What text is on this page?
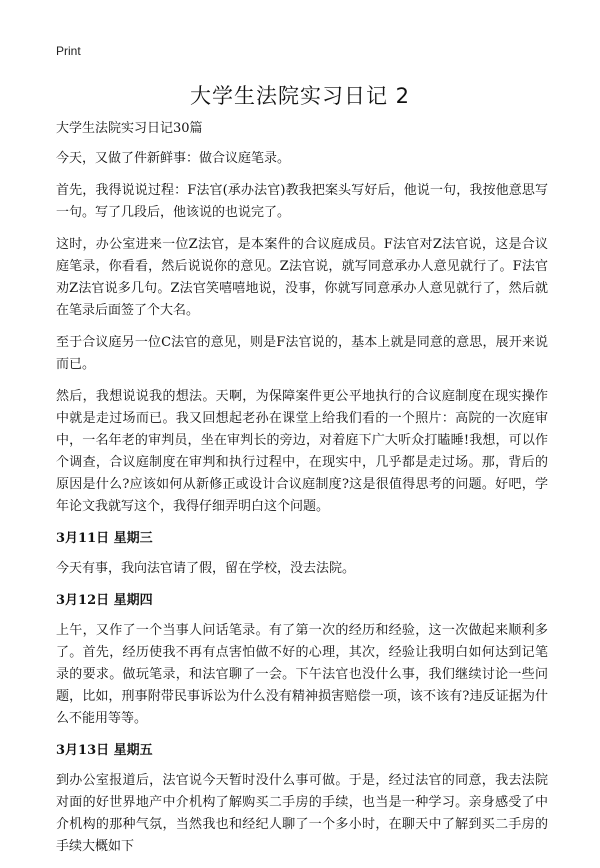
Print
大学生法院实习日记 2

大学生法院实习日记30篇

今天，又做了件新鲜事：做合议庭笔录。

首先，我得说说过程：F法官(承办法官)教我把案头写好后，他说一句，我按他意思写一句。写了几段后，他该说的也说完了。

这时，办公室进来一位Z法官，是本案件的合议庭成员。F法官对Z法官说，这是合议庭笔录，你看看，然后说说你的意见。Z法官说，就写同意承办人意见就行了。F法官劝Z法官说多几句。Z法官笑嘻嘻地说，没事，你就写同意承办人意见就行了，然后就在笔录后面签了个大名。

至于合议庭另一位C法官的意见，则是F法官说的，基本上就是同意的意思，展开来说而已。

然后，我想说说我的想法。天啊，为保障案件更公平地执行的合议庭制度在现实操作中就是走过场而已。我又回想起老孙在课堂上给我们看的一个照片：高院的一次庭审中，一名年老的审判员，坐在审判长的旁边，对着庭下广大听众打瞌睡!我想，可以作个调查，合议庭制度在审判和执行过程中，在现实中，几乎都是走过场。那，背后的原因是什么?应该如何从新修正或设计合议庭制度?这是很值得思考的问题。好吧，学年论文我就写这个，我得仔细弄明白这个问题。

3月11日 星期三

今天有事，我向法官请了假，留在学校，没去法院。

3月12日 星期四

上午，又作了一个当事人问话笔录。有了第一次的经历和经验，这一次做起来顺利多了。首先，经历使我不再有点害怕做不好的心理，其次，经验让我明白如何达到记笔录的要求。做玩笔录，和法官聊了一会。下午法官也没什么事，我们继续讨论一些问题，比如，刑事附带民事诉讼为什么没有精神损害赔偿一项，该不该有?违反证据为什么不能用等等。

3月13日 星期五

到办公室报道后，法官说今天暂时没什么事可做。于是，经过法官的同意，我去法院对面的好世界地产中介机构了解购买二手房的手续，也当是一种学习。亲身感受了中介机构的那种气氛，当然我也和经纪人聊了一个多小时，在聊天中了解到买二手房的手续大概如下
